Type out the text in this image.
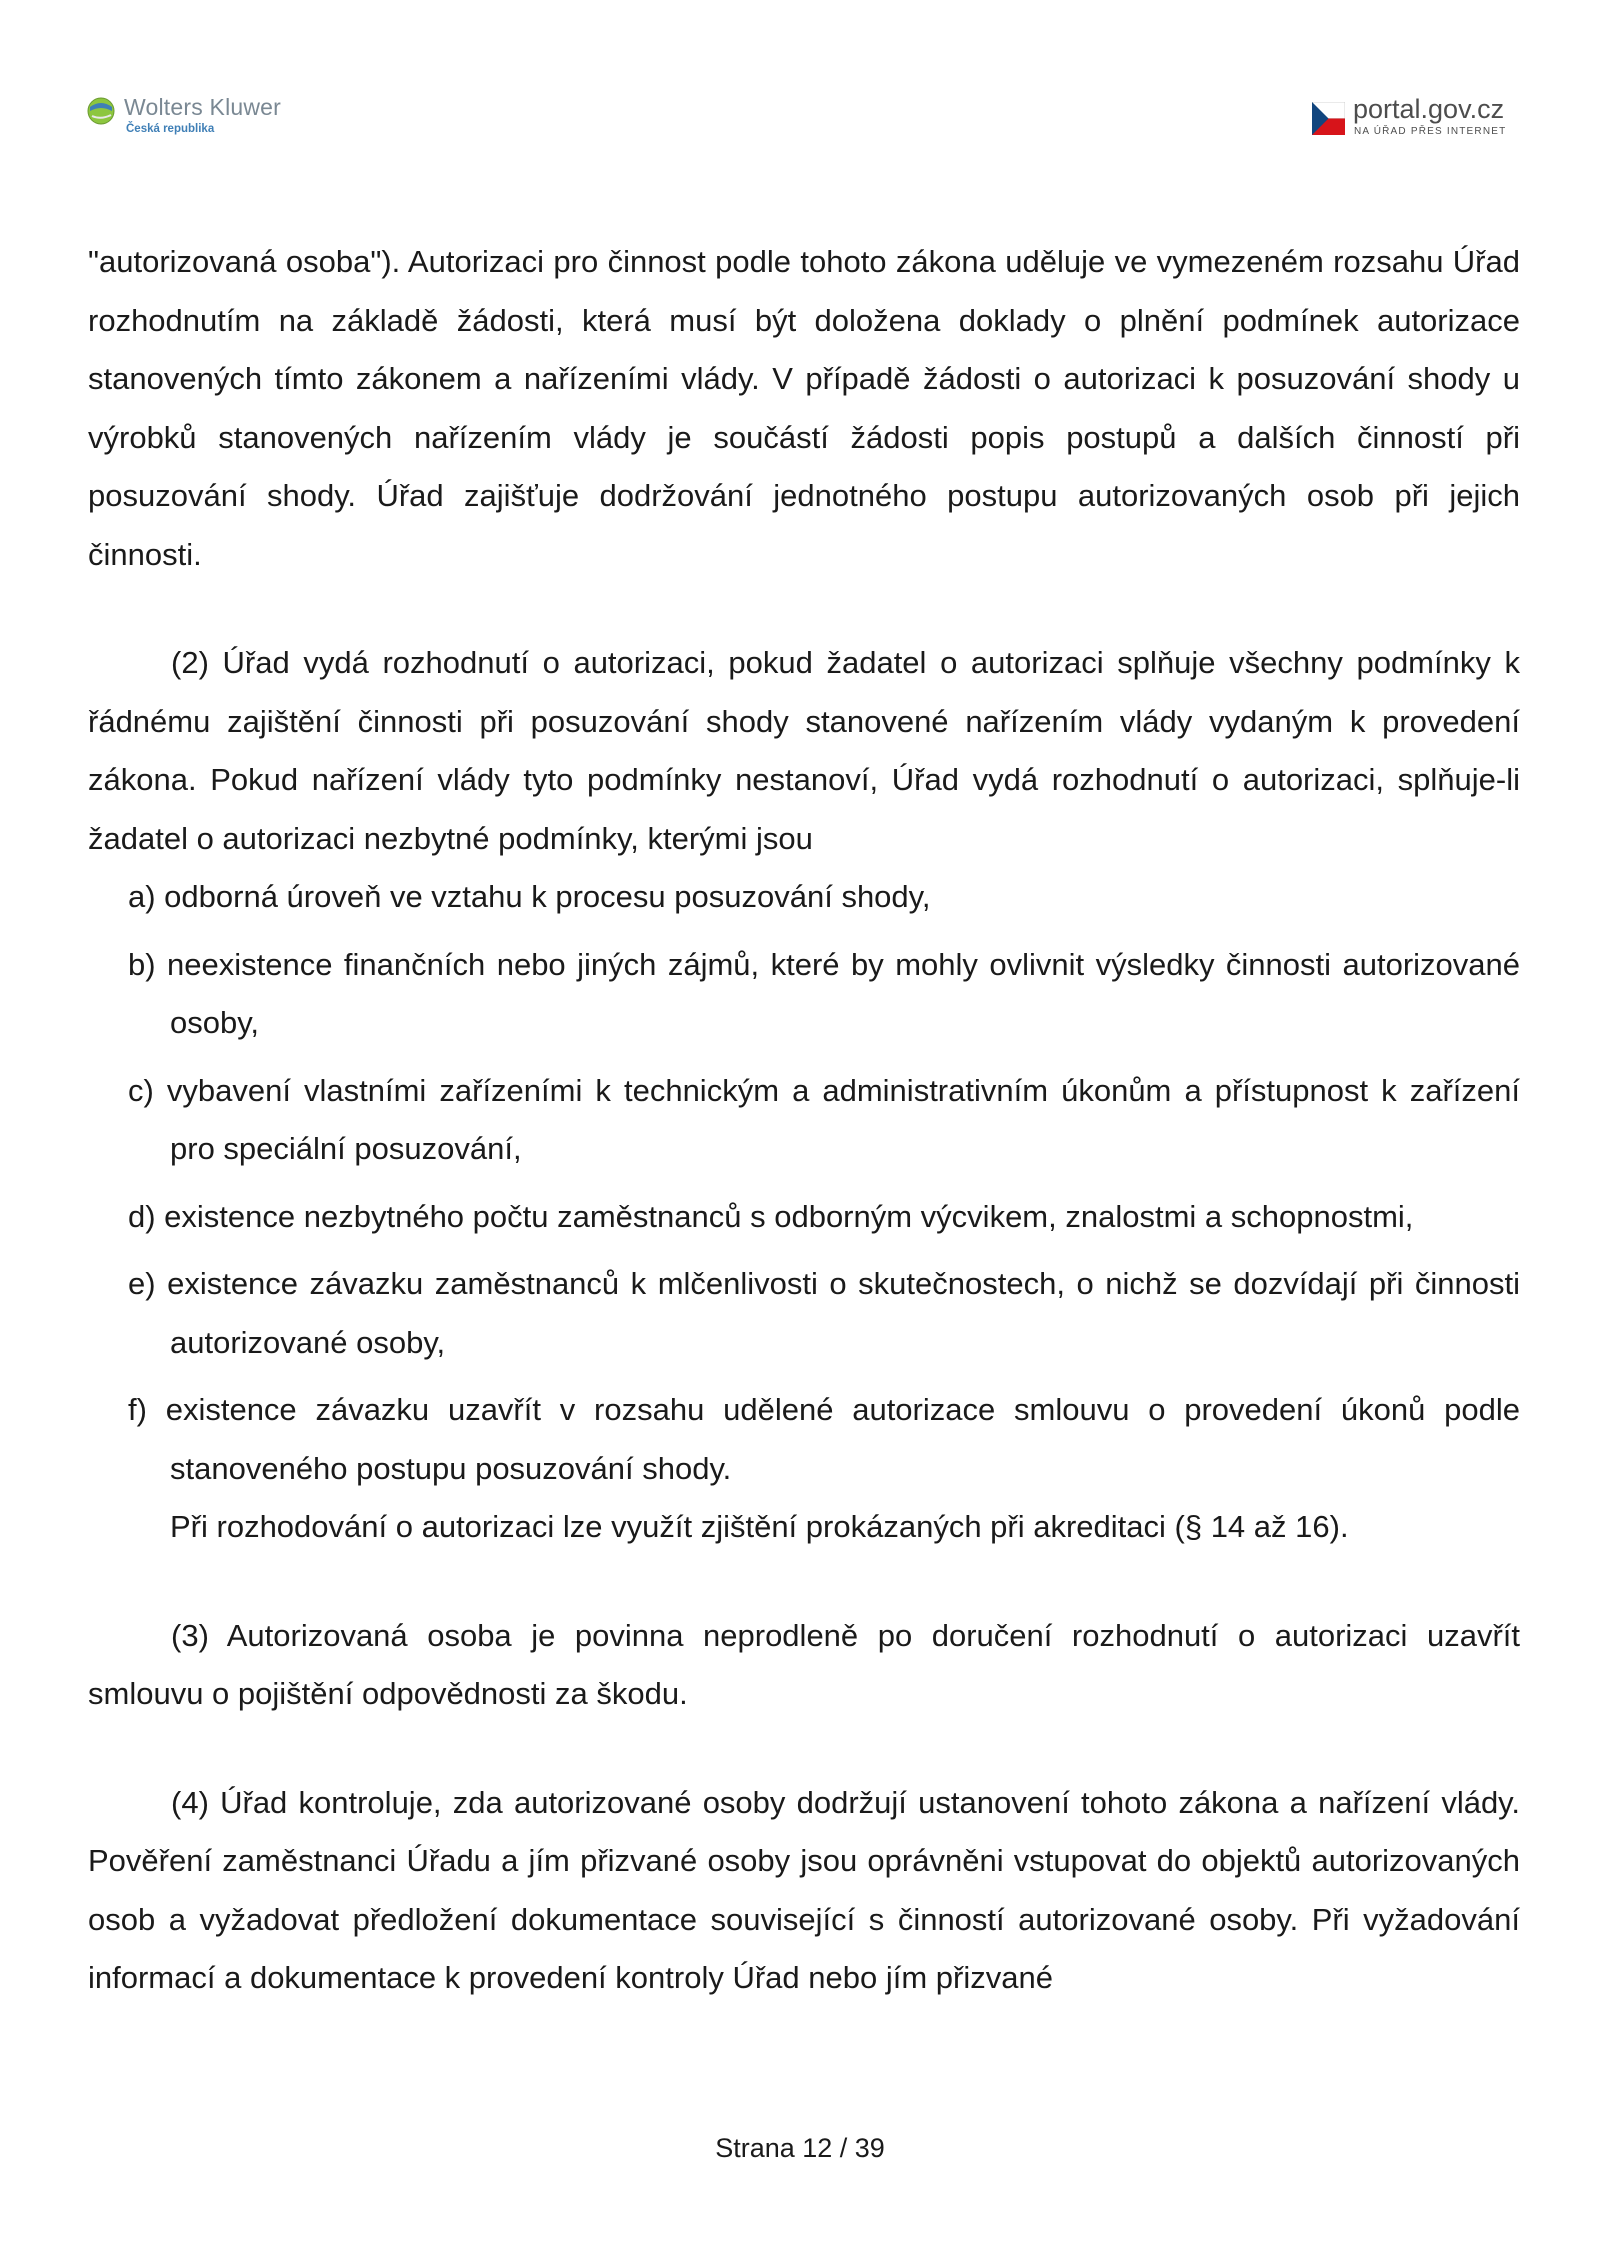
Wolters Kluwer
Česká republika
portal.gov.cz
NA ÚŘAD PŘES INTERNET

"autorizovaná osoba"). Autorizaci pro činnost podle tohoto zákona uděluje ve vymezeném rozsahu Úřad rozhodnutím na základě žádosti, která musí být doložena doklady o plnění podmínek autorizace stanovených tímto zákonem a nařízeními vlády. V případě žádosti o autorizaci k posuzování shody u výrobků stanovených nařízením vlády je součástí žádosti popis postupů a dalších činností při posuzování shody. Úřad zajišťuje dodržování jednotného postupu autorizovaných osob při jejich činnosti.

(2) Úřad vydá rozhodnutí o autorizaci, pokud žadatel o autorizaci splňuje všechny podmínky k řádnému zajištění činnosti při posuzování shody stanovené nařízením vlády vydaným k provedení zákona. Pokud nařízení vlády tyto podmínky nestanoví, Úřad vydá rozhodnutí o autorizaci, splňuje-li žadatel o autorizaci nezbytné podmínky, kterými jsou

a) odborná úroveň ve vztahu k procesu posuzování shody,
b) neexistence finančních nebo jiných zájmů, které by mohly ovlivnit výsledky činnosti autorizované osoby,
c) vybavení vlastními zařízeními k technickým a administrativním úkonům a přístupnost k zařízení pro speciální posuzování,
d) existence nezbytného počtu zaměstnanců s odborným výcvikem, znalostmi a schopnostmi,
e) existence závazku zaměstnanců k mlčenlivosti o skutečnostech, o nichž se dozvídají při činnosti autorizované osoby,
f) existence závazku uzavřít v rozsahu udělené autorizace smlouvu o provedení úkonů podle stanoveného postupu posuzování shody.

Při rozhodování o autorizaci lze využít zjištění prokázaných při akreditaci (§ 14 až 16).

(3) Autorizovaná osoba je povinna neprodleně po doručení rozhodnutí o autorizaci uzavřít smlouvu o pojištění odpovědnosti za škodu.

(4) Úřad kontroluje, zda autorizované osoby dodržují ustanovení tohoto zákona a nařízení vlády. Pověření zaměstnanci Úřadu a jím přizvané osoby jsou oprávněni vstupovat do objektů autorizovaných osob a vyžadovat předložení dokumentace související s činností autorizované osoby. Při vyžadování informací a dokumentace k provedení kontroly Úřad nebo jím přizvané

Strana 12 / 39
